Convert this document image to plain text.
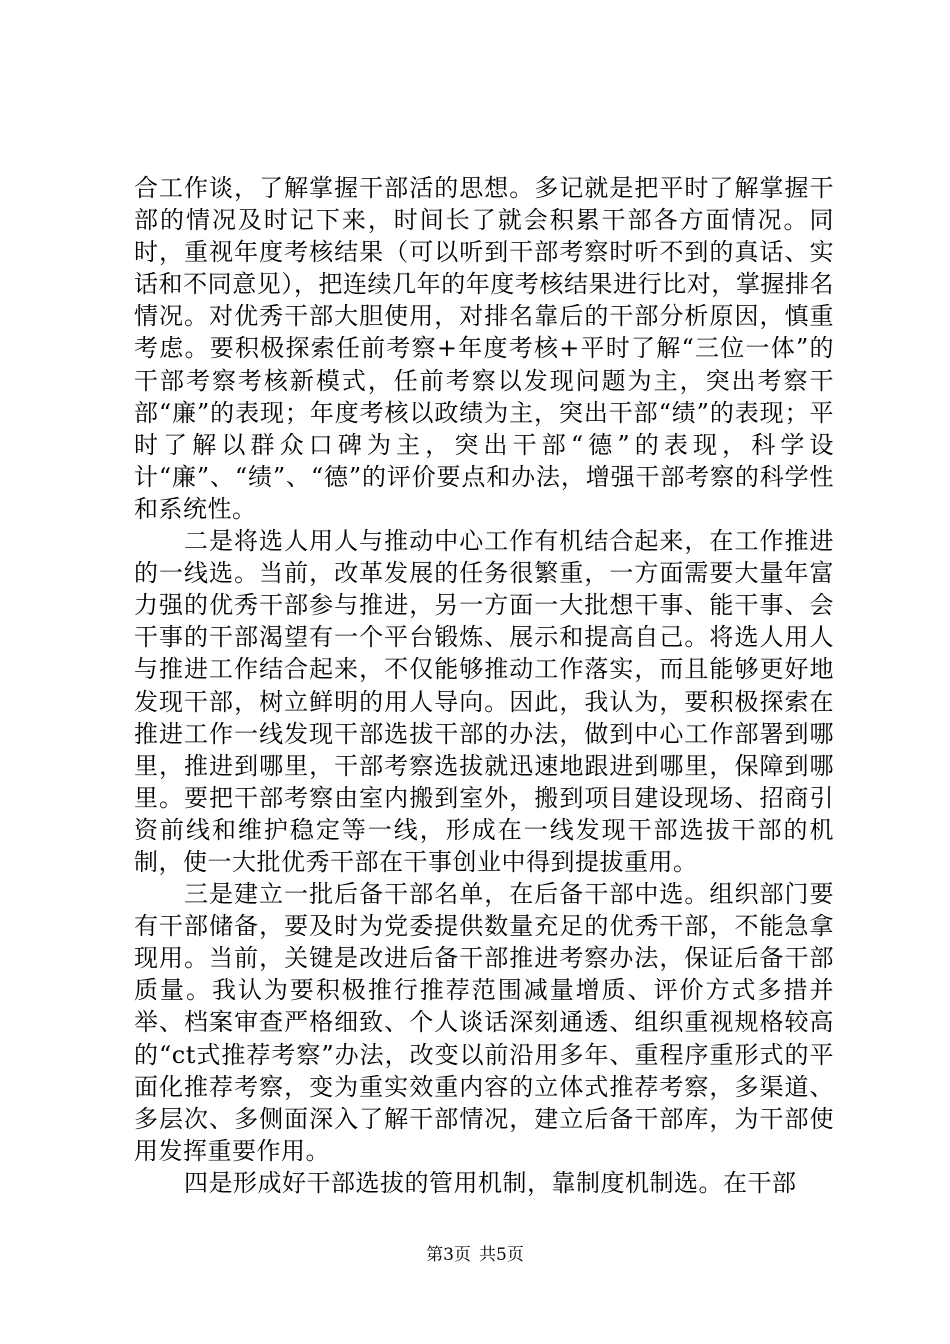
合工作谈，了解掌握干部活的思想。多记就是把平时了解掌握干部的情况及时记下来，时间长了就会积累干部各方面情况。同时，重视年度考核结果（可以听到干部考察时听不到的真话、实话和不同意见），把连续几年的年度考核结果进行比对，掌握排名情况。对优秀干部大胆使用，对排名靠后的干部分析原因，慎重考虑。要积极探索任前考察+年度考核+平时了解“三位一体”的干部考察考核新模式，任前考察以发现问题为主，突出考察干部“廉”的表现；年度考核以政绩为主，突出干部“绩”的表现；平时了解以群众口碑为主，突出干部“德”的表现，科学设计“廉”、“绩”、“德”的评价要点和办法，增强干部考察的科学性和系统性。

二是将选人用人与推动中心工作有机结合起来，在工作推进的一线选。当前，改革发展的任务很繁重，一方面需要大量年富力强的优秀干部参与推进，另一方面一大批想干事、能干事、会干事的干部渴望有一个平台锻炼、展示和提高自己。将选人用人与推进工作结合起来，不仅能够推动工作落实，而且能够更好地发现干部，树立鲜明的用人导向。因此，我认为，要积极探索在推进工作一线发现干部选拔干部的办法，做到中心工作部署到哪里，推进到哪里，干部考察选拔就迅速地跟进到哪里，保障到哪里。要把干部考察由室内搬到室外，搬到项目建设现场、招商引资前线和维护稳定等一线，形成在一线发现干部选拔干部的机制，使一大批优秀干部在干事创业中得到提拔重用。

三是建立一批后备干部名单，在后备干部中选。组织部门要有干部储备，要及时为党委提供数量充足的优秀干部，不能急拿现用。当前，关键是改进后备干部推进考察办法，保证后备干部质量。我认为要积极推行推荐范围减量增质、评价方式多措并举、档案审查严格细致、个人谈话深刻通透、组织重视规格较高的“ct式推荐考察”办法，改变以前沿用多年、重程序重形式的平面化推荐考察，变为重实效重内容的立体式推荐考察，多渠道、多层次、多侧面深入了解干部情况，建立后备干部库，为干部使用发挥重要作用。

四是形成好干部选拔的管用机制，靠制度机制选。在干部

第3页 共5页
